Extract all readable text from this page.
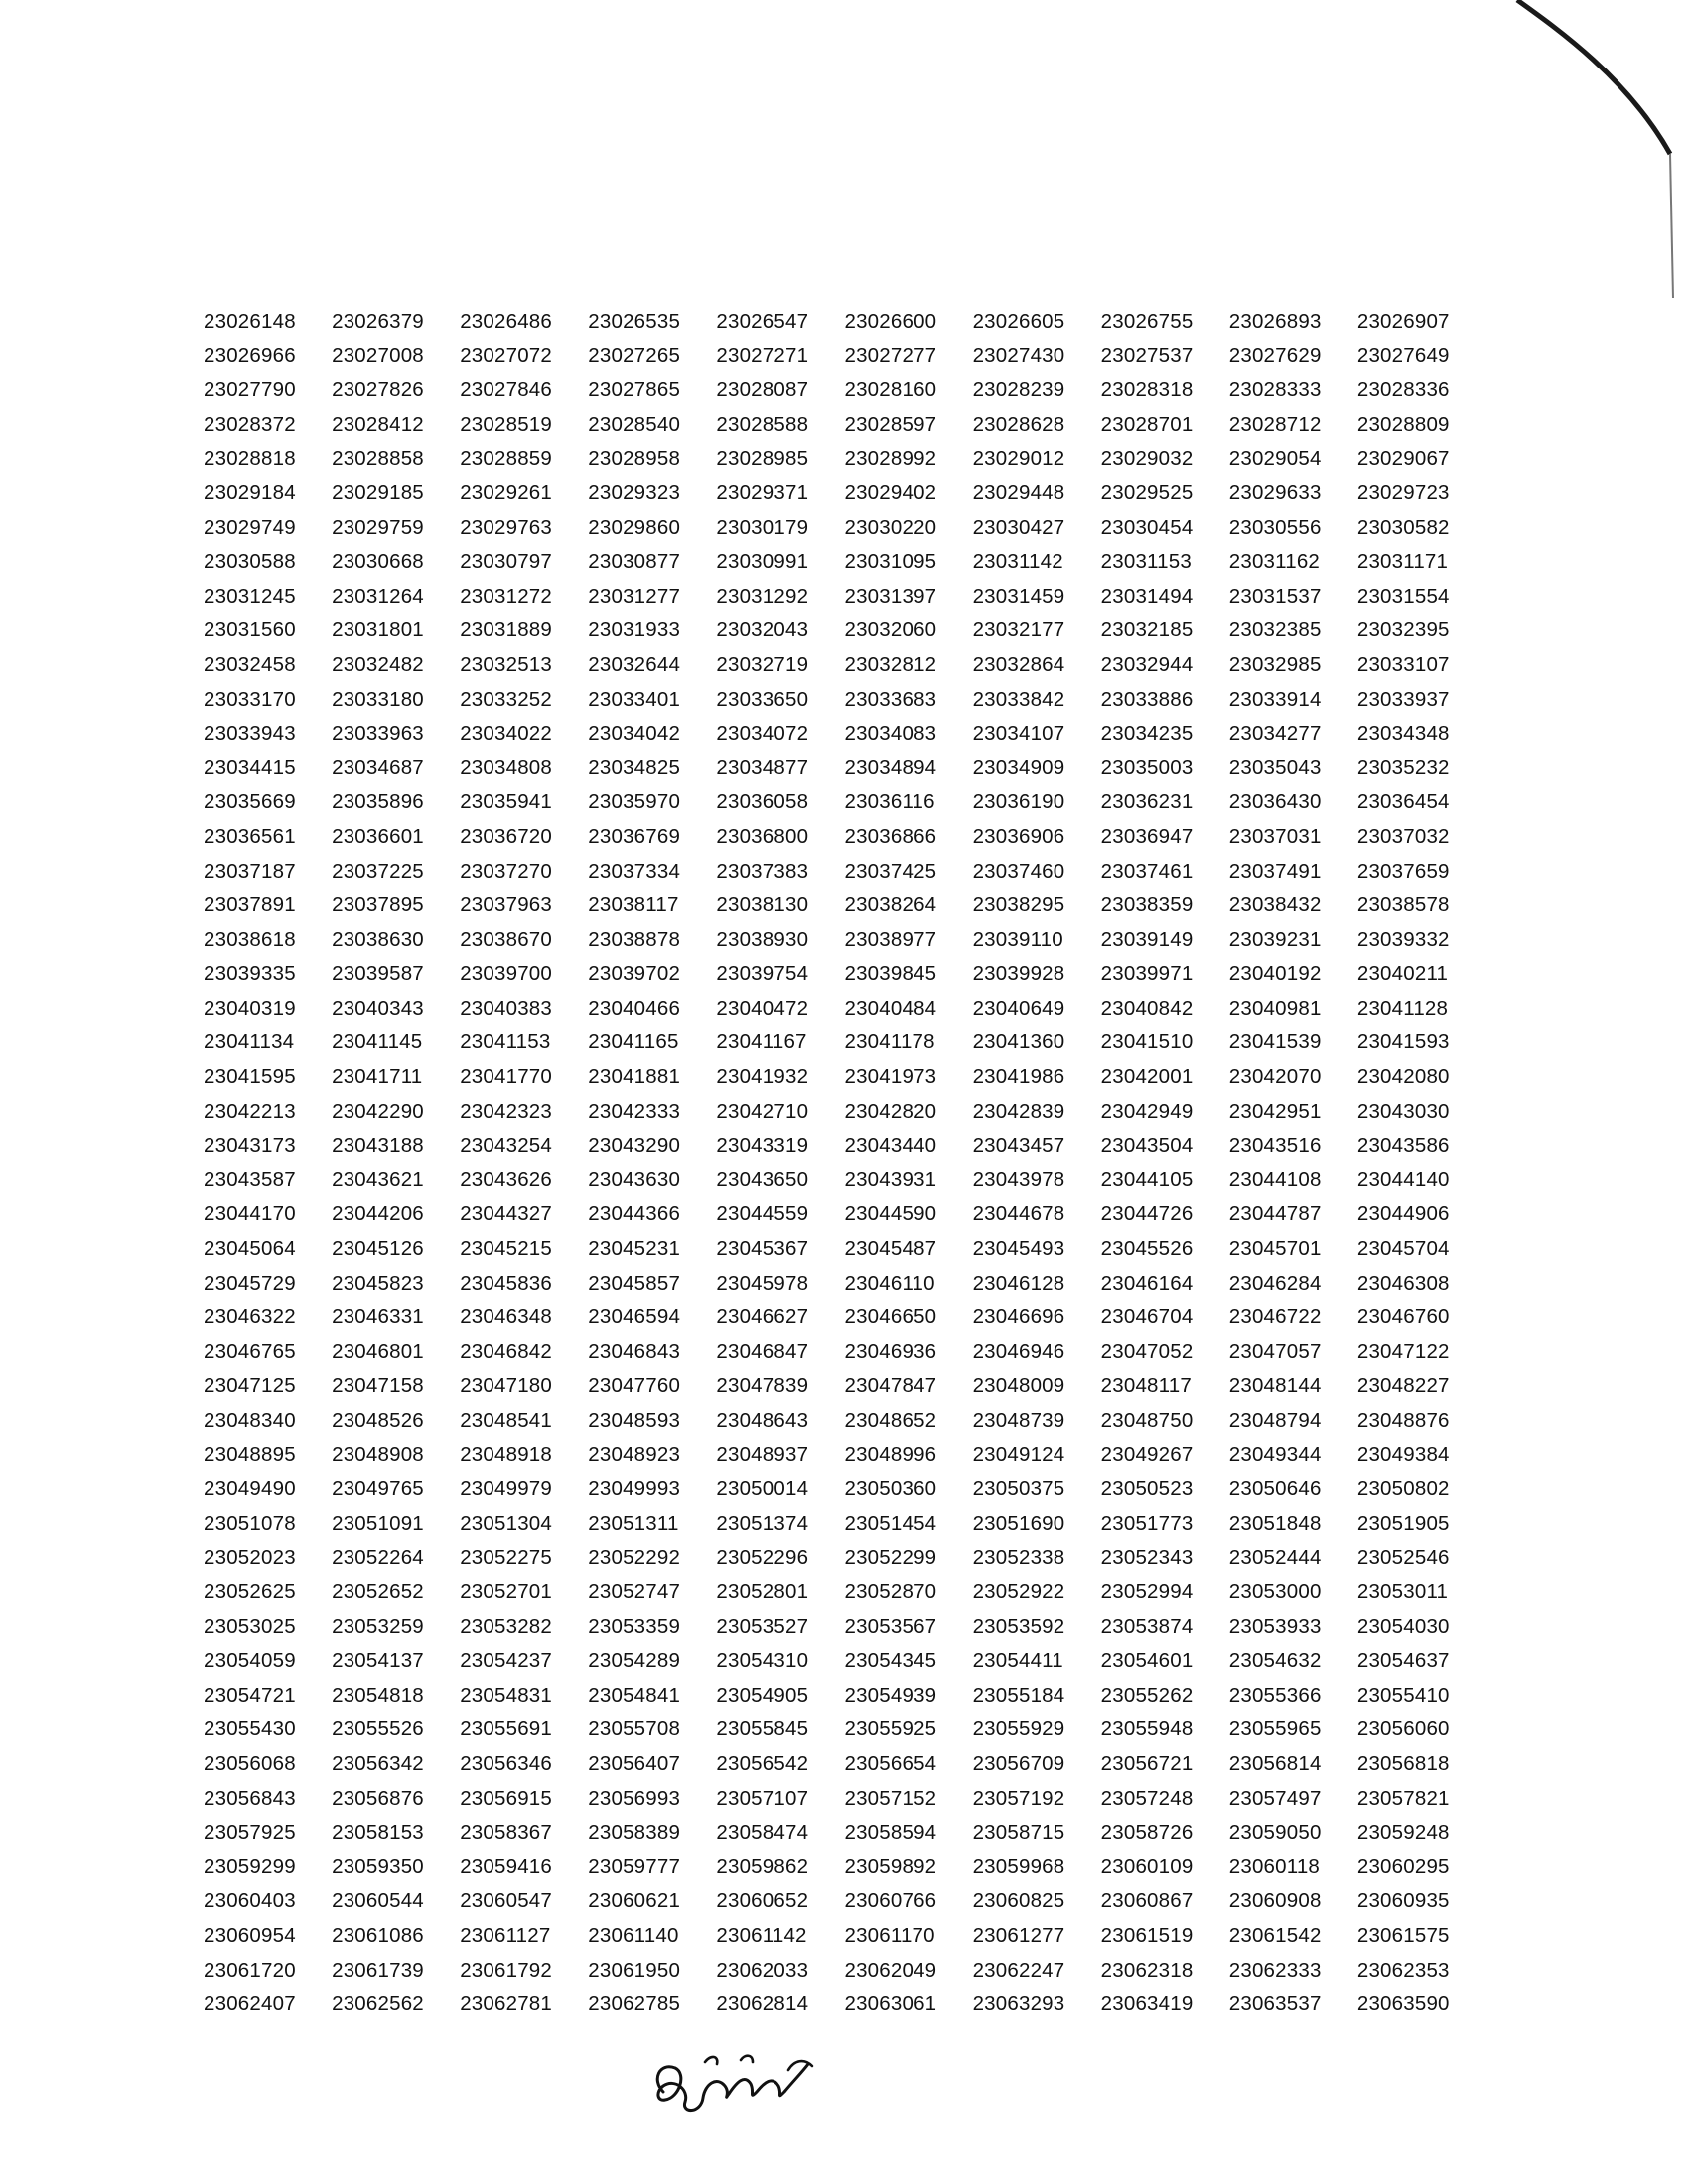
23026148	23026379	23026486	23026535	23026547	23026600	23026605	23026755	23026893	23026907
23026966	23027008	23027072	23027265	23027271	23027277	23027430	23027537	23027629	23027649
23027790	23027826	23027846	23027865	23028087	23028160	23028239	23028318	23028333	23028336
23028372	23028412	23028519	23028540	23028588	23028597	23028628	23028701	23028712	23028809
23028818	23028858	23028859	23028958	23028985	23028992	23029012	23029032	23029054	23029067
23029184	23029185	23029261	23029323	23029371	23029402	23029448	23029525	23029633	23029723
23029749	23029759	23029763	23029860	23030179	23030220	23030427	23030454	23030556	23030582
23030588	23030668	23030797	23030877	23030991	23031095	23031142	23031153	23031162	23031171
23031245	23031264	23031272	23031277	23031292	23031397	23031459	23031494	23031537	23031554
23031560	23031801	23031889	23031933	23032043	23032060	23032177	23032185	23032385	23032395
23032458	23032482	23032513	23032644	23032719	23032812	23032864	23032944	23032985	23033107
23033170	23033180	23033252	23033401	23033650	23033683	23033842	23033886	23033914	23033937
23033943	23033963	23034022	23034042	23034072	23034083	23034107	23034235	23034277	23034348
23034415	23034687	23034808	23034825	23034877	23034894	23034909	23035003	23035043	23035232
23035669	23035896	23035941	23035970	23036058	23036116	23036190	23036231	23036430	23036454
23036561	23036601	23036720	23036769	23036800	23036866	23036906	23036947	23037031	23037032
23037187	23037225	23037270	23037334	23037383	23037425	23037460	23037461	23037491	23037659
23037891	23037895	23037963	23038117	23038130	23038264	23038295	23038359	23038432	23038578
23038618	23038630	23038670	23038878	23038930	23038977	23039110	23039149	23039231	23039332
23039335	23039587	23039700	23039702	23039754	23039845	23039928	23039971	23040192	23040211
23040319	23040343	23040383	23040466	23040472	23040484	23040649	23040842	23040981	23041128
23041134	23041145	23041153	23041165	23041167	23041178	23041360	23041510	23041539	23041593
23041595	23041711	23041770	23041881	23041932	23041973	23041986	23042001	23042070	23042080
23042213	23042290	23042323	23042333	23042710	23042820	23042839	23042949	23042951	23043030
23043173	23043188	23043254	23043290	23043319	23043440	23043457	23043504	23043516	23043586
23043587	23043621	23043626	23043630	23043650	23043931	23043978	23044105	23044108	23044140
23044170	23044206	23044327	23044366	23044559	23044590	23044678	23044726	23044787	23044906
23045064	23045126	23045215	23045231	23045367	23045487	23045493	23045526	23045701	23045704
23045729	23045823	23045836	23045857	23045978	23046110	23046128	23046164	23046284	23046308
23046322	23046331	23046348	23046594	23046627	23046650	23046696	23046704	23046722	23046760
23046765	23046801	23046842	23046843	23046847	23046936	23046946	23047052	23047057	23047122
23047125	23047158	23047180	23047760	23047839	23047847	23048009	23048117	23048144	23048227
23048340	23048526	23048541	23048593	23048643	23048652	23048739	23048750	23048794	23048876
23048895	23048908	23048918	23048923	23048937	23048996	23049124	23049267	23049344	23049384
23049490	23049765	23049979	23049993	23050014	23050360	23050375	23050523	23050646	23050802
23051078	23051091	23051304	23051311	23051374	23051454	23051690	23051773	23051848	23051905
23052023	23052264	23052275	23052292	23052296	23052299	23052338	23052343	23052444	23052546
23052625	23052652	23052701	23052747	23052801	23052870	23052922	23052994	23053000	23053011
23053025	23053259	23053282	23053359	23053527	23053567	23053592	23053874	23053933	23054030
23054059	23054137	23054237	23054289	23054310	23054345	23054411	23054601	23054632	23054637
23054721	23054818	23054831	23054841	23054905	23054939	23055184	23055262	23055366	23055410
23055430	23055526	23055691	23055708	23055845	23055925	23055929	23055948	23055965	23056060
23056068	23056342	23056346	23056407	23056542	23056654	23056709	23056721	23056814	23056818
23056843	23056876	23056915	23056993	23057107	23057152	23057192	23057248	23057497	23057821
23057925	23058153	23058367	23058389	23058474	23058594	23058715	23058726	23059050	23059248
23059299	23059350	23059416	23059777	23059862	23059892	23059968	23060109	23060118	23060295
23060403	23060544	23060547	23060621	23060652	23060766	23060825	23060867	23060908	23060935
23060954	23061086	23061127	23061140	23061142	23061170	23061277	23061519	23061542	23061575
23061720	23061739	23061792	23061950	23062033	23062049	23062247	23062318	23062333	23062353
23062407	23062562	23062781	23062785	23062814	23063061	23063293	23063419	23063537	23063590
